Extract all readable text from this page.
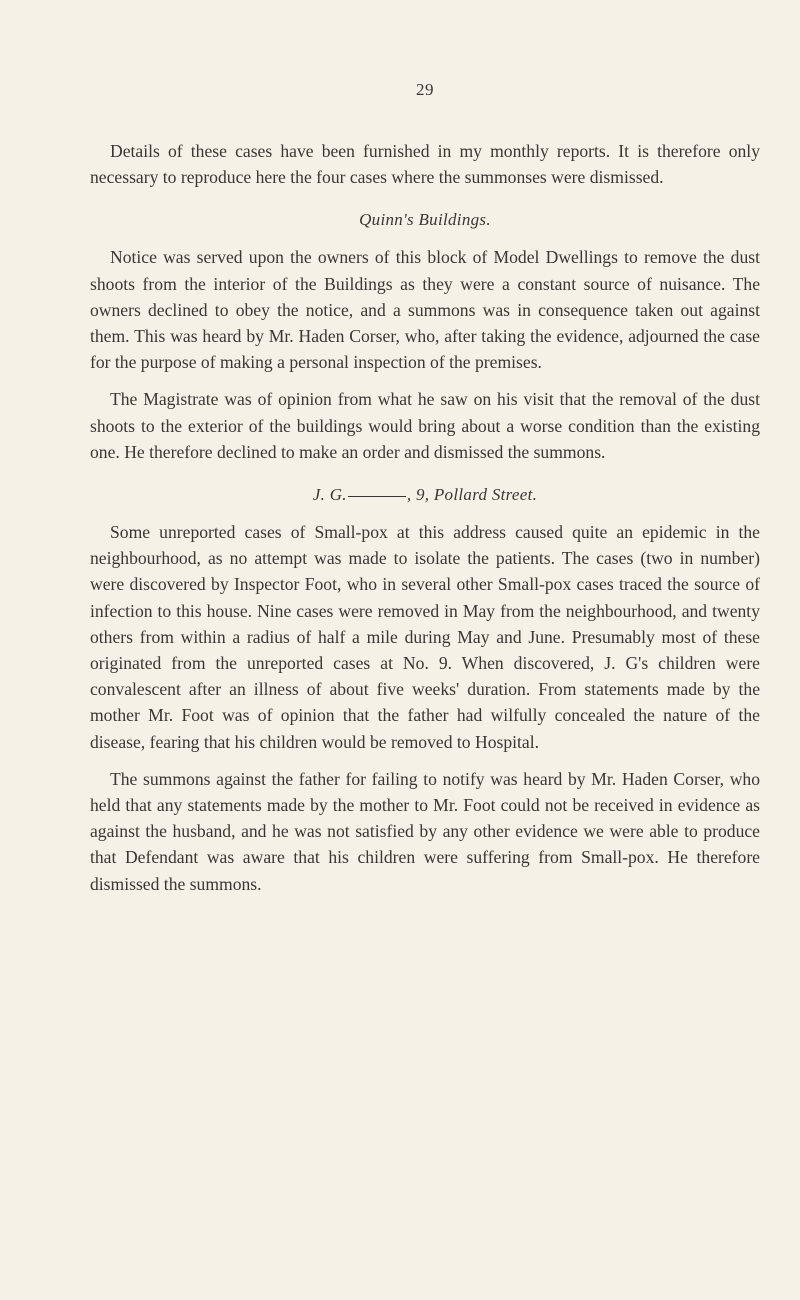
29

Details of these cases have been furnished in my monthly reports. It is therefore only necessary to reproduce here the four cases where the summonses were dismissed.

Quinn's Buildings.

Notice was served upon the owners of this block of Model Dwellings to remove the dust shoots from the interior of the Buildings as they were a constant source of nuisance. The owners declined to obey the notice, and a summons was in consequence taken out against them. This was heard by Mr. Haden Corser, who, after taking the evidence, adjourned the case for the purpose of making a personal inspection of the premises.

The Magistrate was of opinion from what he saw on his visit that the removal of the dust shoots to the exterior of the buildings would bring about a worse condition than the existing one. He therefore declined to make an order and dismissed the summons.

J. G.	, 9, Pollard Street.

Some unreported cases of Small-pox at this address caused quite an epidemic in the neighbourhood, as no attempt was made to isolate the patients. The cases (two in number) were discovered by Inspector Foot, who in several other Small-pox cases traced the source of infection to this house. Nine cases were removed in May from the neighbourhood, and twenty others from within a radius of half a mile during May and June. Presumably most of these originated from the unreported cases at No. 9. When discovered, J. G's children were convalescent after an illness of about five weeks' duration. From statements made by the mother Mr. Foot was of opinion that the father had wilfully concealed the nature of the disease, fearing that his children would be removed to Hospital.

The summons against the father for failing to notify was heard by Mr. Haden Corser, who held that any statements made by the mother to Mr. Foot could not be received in evidence as against the husband, and he was not satisfied by any other evidence we were able to produce that Defendant was aware that his children were suffering from Small-pox. He therefore dismissed the summons.
